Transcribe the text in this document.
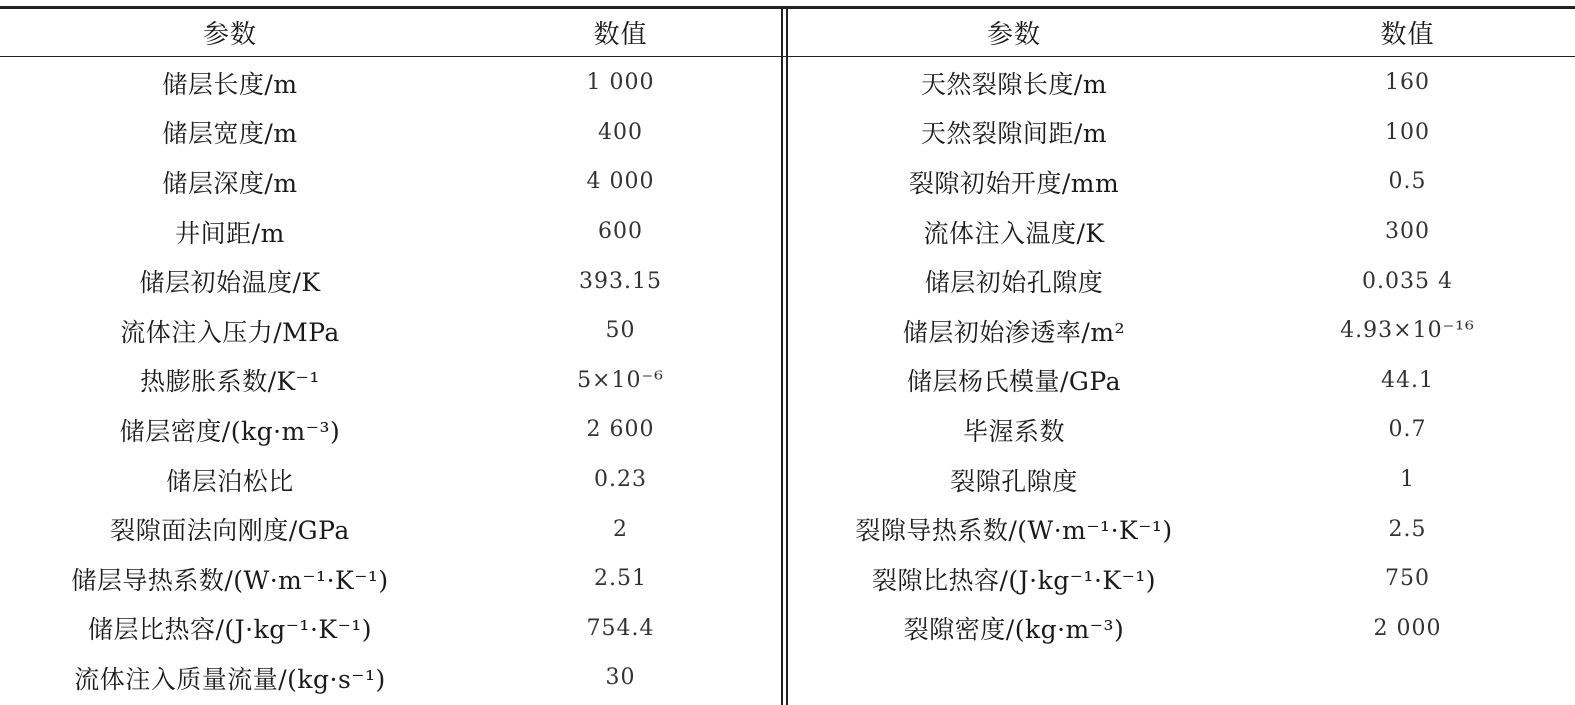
参数	数值
储层长度/m	1 000
储层宽度/m	400
储层深度/m	4 000
井间距/m	600
储层初始温度/K	393.15
流体注入压力/MPa	50
热膨胀系数/K⁻¹	5×10⁻⁶
储层密度/(kg·m⁻³)	2 600
储层泊松比	0.23
裂隙面法向刚度/GPa	2
储层导热系数/(W·m⁻¹·K⁻¹)	2.51
储层比热容/(J·kg⁻¹·K⁻¹)	754.4
流体注入质量流量/(kg·s⁻¹)	30
参数	数值
天然裂隙长度/m	160
天然裂隙间距/m	100
裂隙初始开度/mm	0.5
流体注入温度/K	300
储层初始孔隙度	0.035 4
储层初始渗透率/m²	4.93×10⁻¹⁶
储层杨氏模量/GPa	44.1
毕渥系数	0.7
裂隙孔隙度	1
裂隙导热系数/(W·m⁻¹·K⁻¹)	2.5
裂隙比热容/(J·kg⁻¹·K⁻¹)	750
裂隙密度/(kg·m⁻³)	2 000
